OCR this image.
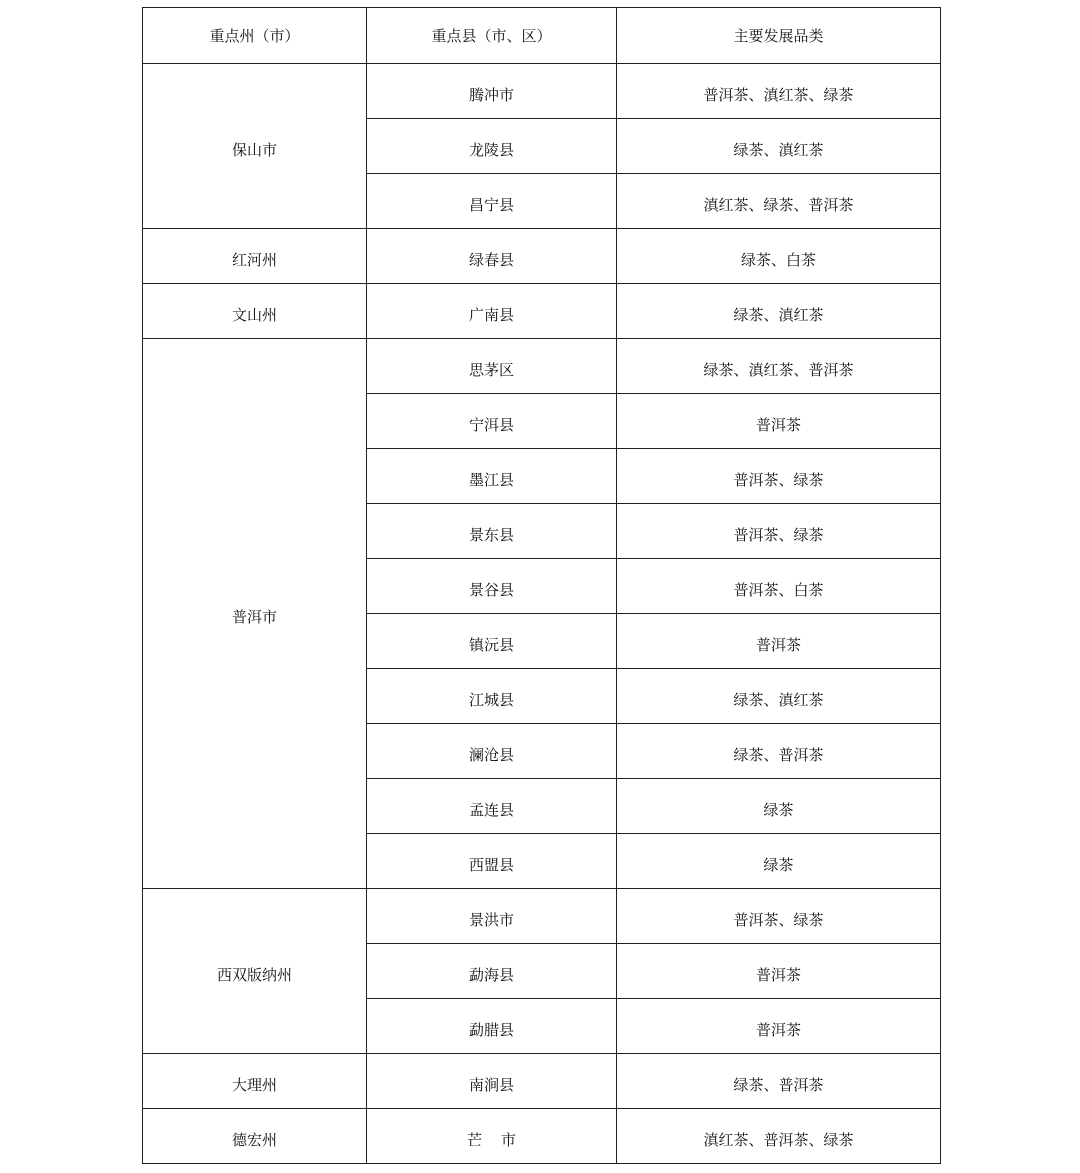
重点州（市）	重点县（市、区）	主要发展品类
保山市	腾冲市	普洱茶、滇红茶、绿茶
	龙陵县	绿茶、滇红茶
	昌宁县	滇红茶、绿茶、普洱茶
红河州	绿春县	绿茶、白茶
文山州	广南县	绿茶、滇红茶
普洱市	思茅区	绿茶、滇红茶、普洱茶
	宁洱县	普洱茶
	墨江县	普洱茶、绿茶
	景东县	普洱茶、绿茶
	景谷县	普洱茶、白茶
	镇沅县	普洱茶
	江城县	绿茶、滇红茶
	澜沧县	绿茶、普洱茶
	孟连县	绿茶
	西盟县	绿茶
西双版纳州	景洪市	普洱茶、绿茶
	勐海县	普洱茶
	勐腊县	普洱茶
大理州	南涧县	绿茶、普洱茶
德宏州	芒    市	滇红茶、普洱茶、绿茶
